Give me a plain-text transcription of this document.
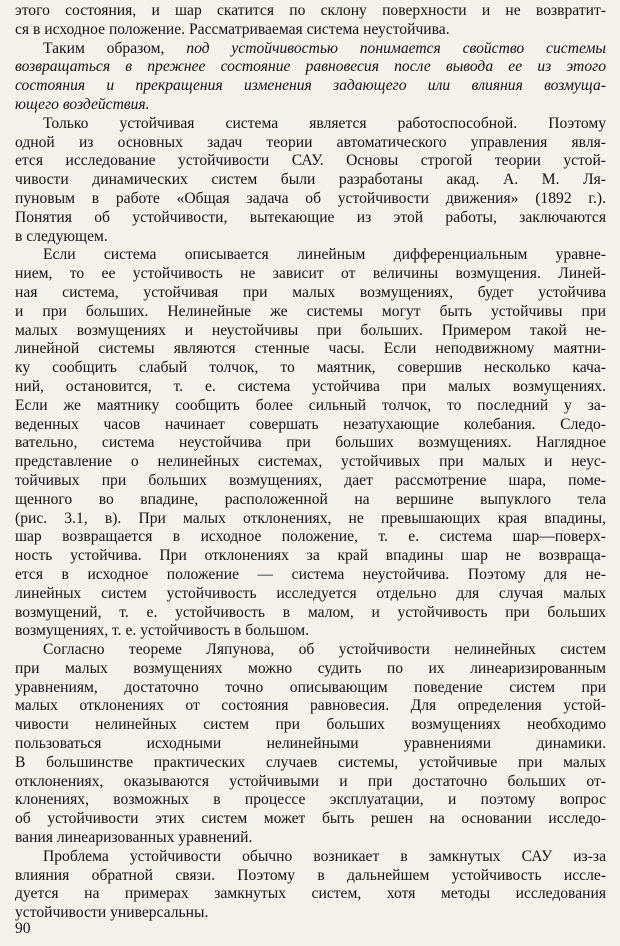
этого состояния, и шар скатится по склону поверхности и не возвратит-
ся в исходное положение. Рассматриваемая система неустойчива.

Таким образом, под устойчивостью понимается свойство системы
возвращаться в прежнее состояние равновесия после вывода ее из этого
состояния и прекращения изменения задающего или влияния возмуща-
ющего воздействия.

Только устойчивая система является работоспособной. Поэтому
одной из основных задач теории автоматического управления явля-
ется исследование устойчивости САУ. Основы строгой теории устой-
чивости динамических систем были разработаны акад. А. М. Ля-
пуновым в работе «Общая задача об устойчивости движения» (1892 г.).
Понятия об устойчивости, вытекающие из этой работы, заключаются
в следующем.

Если система описывается линейным дифференциальным уравне-
нием, то ее устойчивость не зависит от величины возмущения. Линей-
ная система, устойчивая при малых возмущениях, будет устойчива
и при больших. Нелинейные же системы могут быть устойчивы при
малых возмущениях и неустойчивы при больших. Примером такой не-
линейной системы являются стенные часы. Если неподвижному маятни-
ку сообщить слабый толчок, то маятник, совершив несколько кача-
ний, остановится, т. е. система устойчива при малых возмущениях.
Если же маятнику сообщить более сильный толчок, то последний у за-
веденных часов начинает совершать незатухающие колебания. Следо-
вательно, система неустойчива при больших возмущениях. Наглядное
представление о нелинейных системах, устойчивых при малых и неус-
тойчивых при больших возмущениях, дает рассмотрение шара, поме-
щенного во впадине, расположенной на вершине выпуклого тела
(рис. 3.1, в). При малых отклонениях, не превышающих края впадины,
шар возвращается в исходное положение, т. е. система шар—поверх-
ность устойчива. При отклонениях за край впадины шар не возвраща-
ется в исходное положение — система неустойчива. Поэтому для не-
линейных систем устойчивость исследуется отдельно для случая малых
возмущений, т. е. устойчивость в малом, и устойчивость при больших
возмущениях, т. е. устойчивость в большом.

Согласно теореме Ляпунова, об устойчивости нелинейных систем
при малых возмущениях можно судить по их линеаризированным
уравнениям, достаточно точно описывающим поведение систем при
малых отклонениях от состояния равновесия. Для определения устой-
чивости нелинейных систем при больших возмущениях необходимо
пользоваться исходными нелинейными уравнениями динамики.
В большинстве практических случаев системы, устойчивые при малых
отклонениях, оказываются устойчивыми и при достаточно больших от-
клонениях, возможных в процессе эксплуатации, и поэтому вопрос
об устойчивости этих систем может быть решен на основании исследо-
вания линеаризованных уравнений.

Проблема устойчивости обычно возникает в замкнутых САУ из-за
влияния обратной связи. Поэтому в дальнейшем устойчивость иссле-
дуется на примерах замкнутых систем, хотя методы исследования
устойчивости универсальны.

90
